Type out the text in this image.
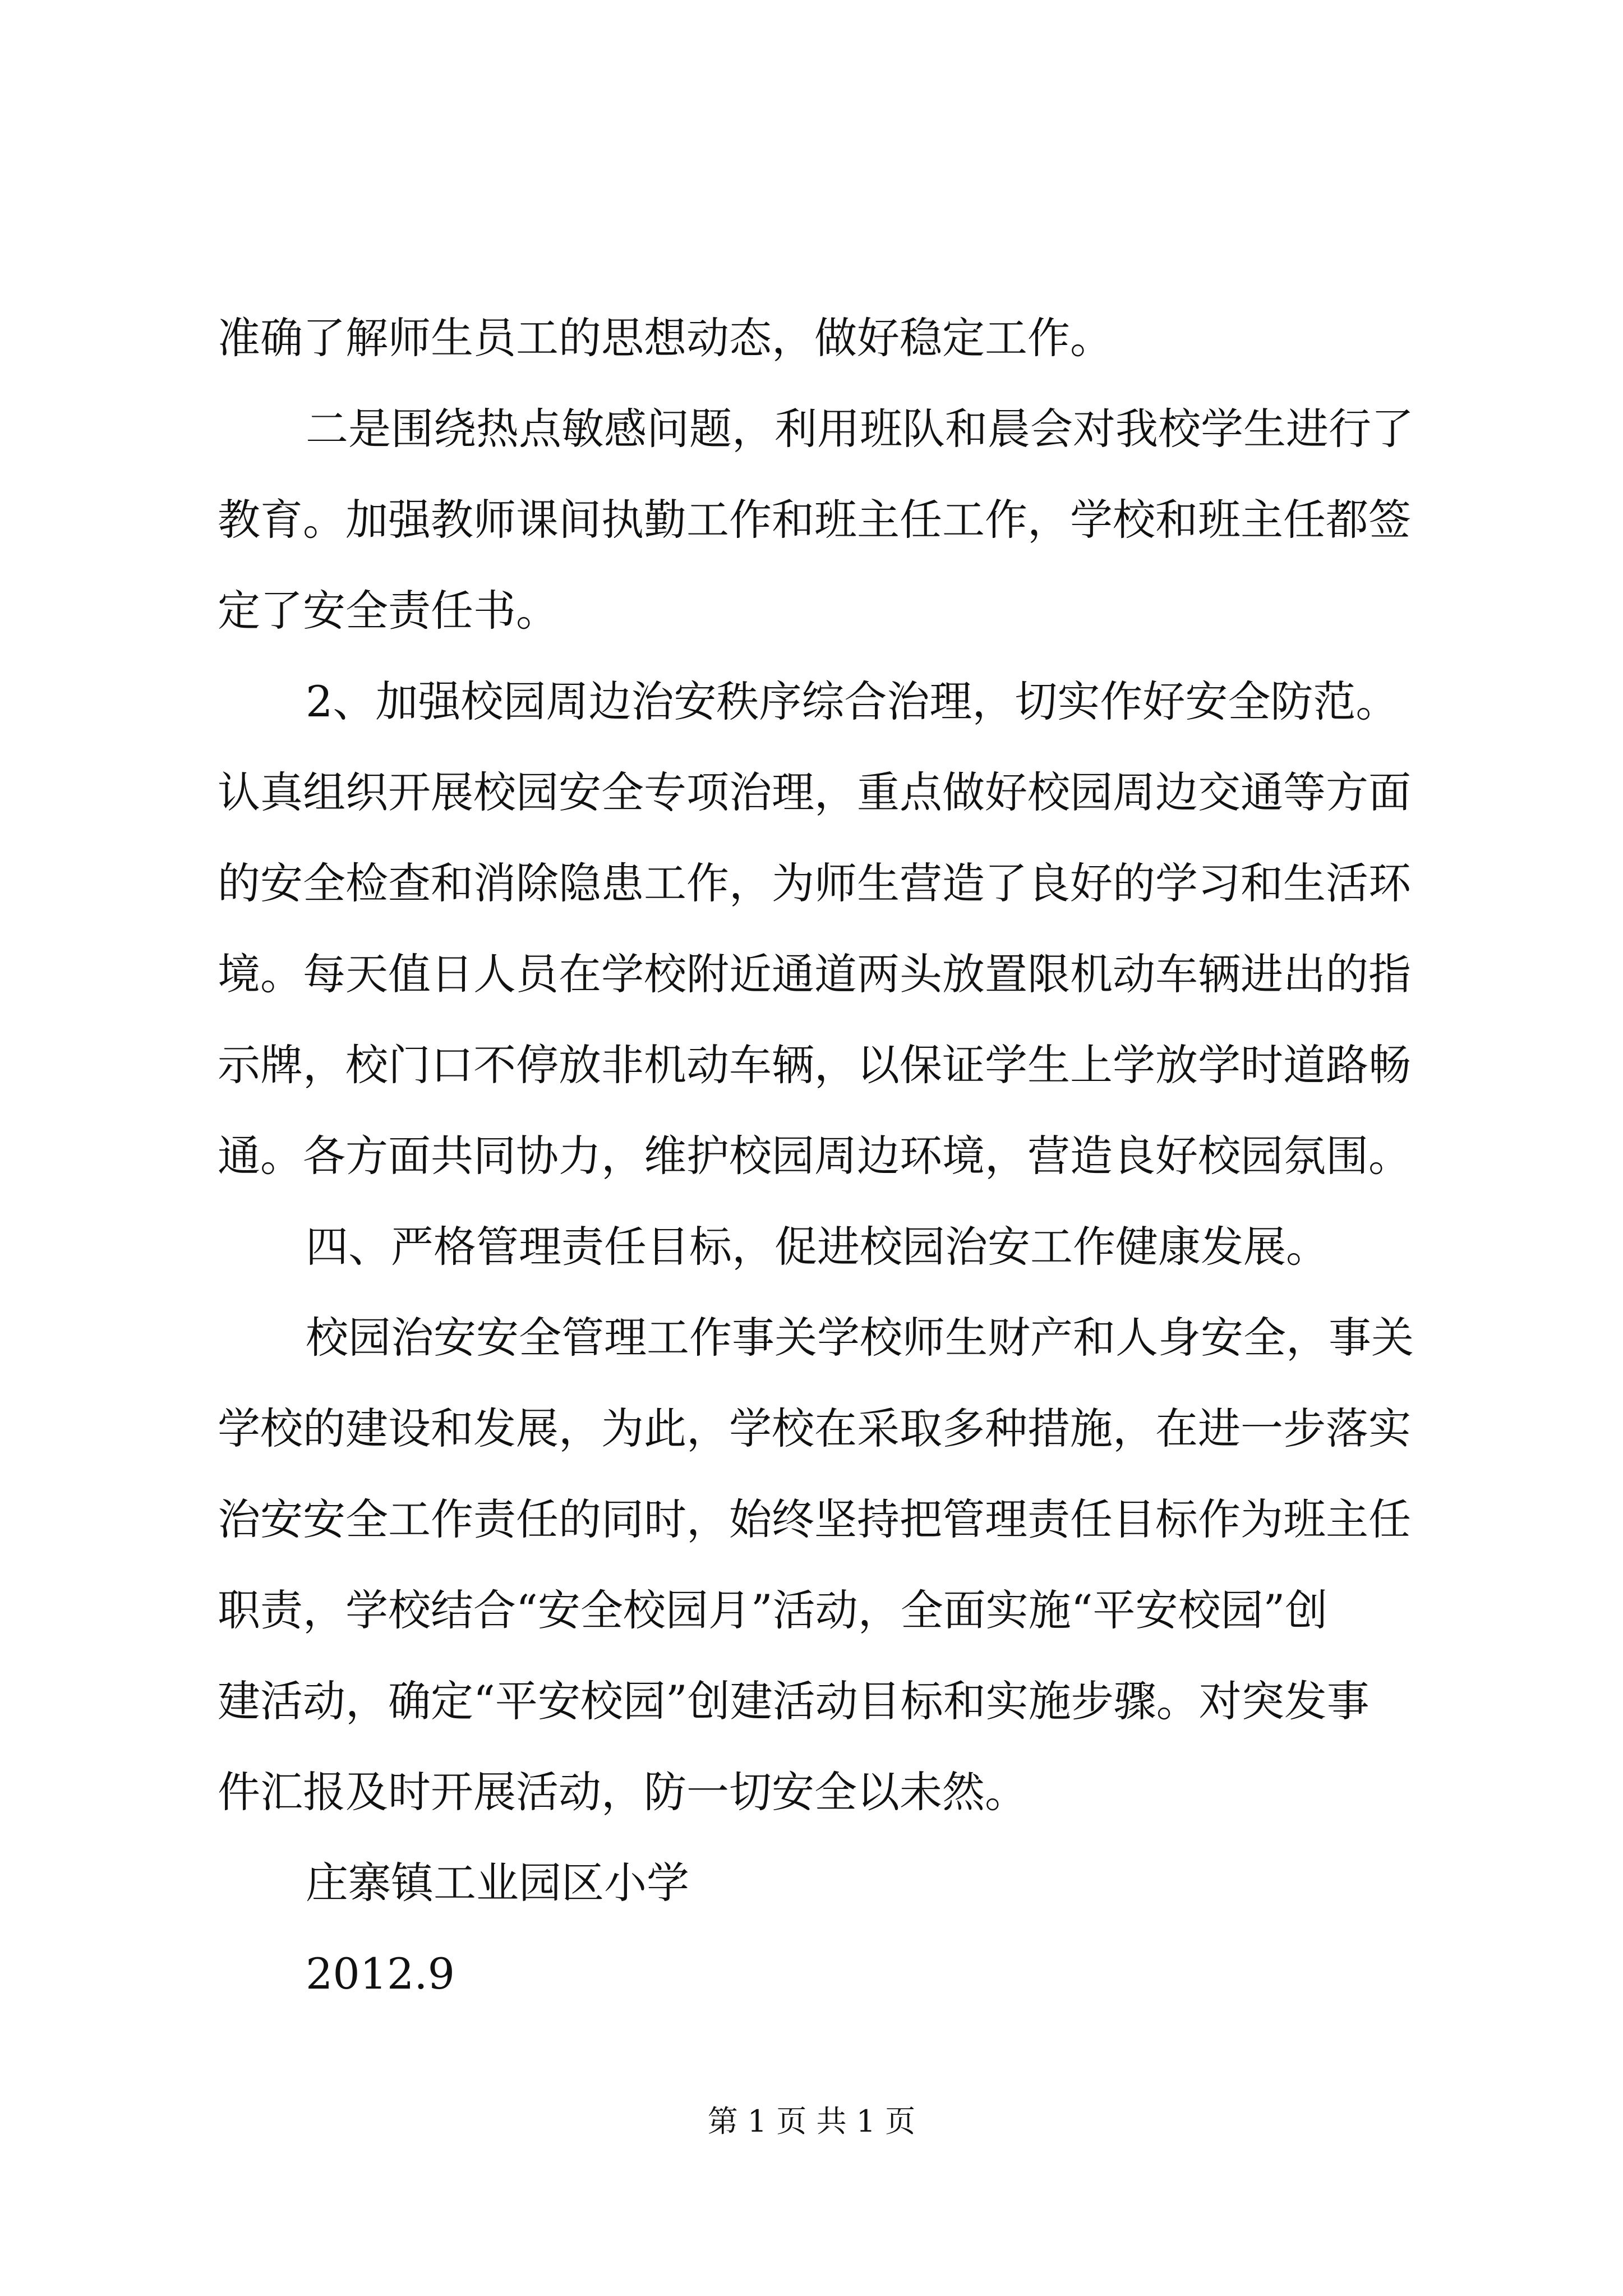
准确了解师生员工的思想动态，做好稳定工作。
二是围绕热点敏感问题，利用班队和晨会对我校学生进行了
教育。加强教师课间执勤工作和班主任工作，学校和班主任都签
定了安全责任书。
2、加强校园周边治安秩序综合治理，切实作好安全防范。
认真组织开展校园安全专项治理，重点做好校园周边交通等方面
的安全检查和消除隐患工作，为师生营造了良好的学习和生活环
境。每天值日人员在学校附近通道两头放置限机动车辆进出的指
示牌，校门口不停放非机动车辆，以保证学生上学放学时道路畅
通。各方面共同协力，维护校园周边环境，营造良好校园氛围。
四、严格管理责任目标，促进校园治安工作健康发展。
校园治安安全管理工作事关学校师生财产和人身安全，事关
学校的建设和发展，为此，学校在采取多种措施，在进一步落实
治安安全工作责任的同时，始终坚持把管理责任目标作为班主任
职责，学校结合“安全校园月”活动，全面实施“平安校园”创
建活动，确定“平安校园”创建活动目标和实施步骤。对突发事
件汇报及时开展活动，防一切安全以未然。
庄寨镇工业园区小学
2012.9
第 1 页 共 1 页
